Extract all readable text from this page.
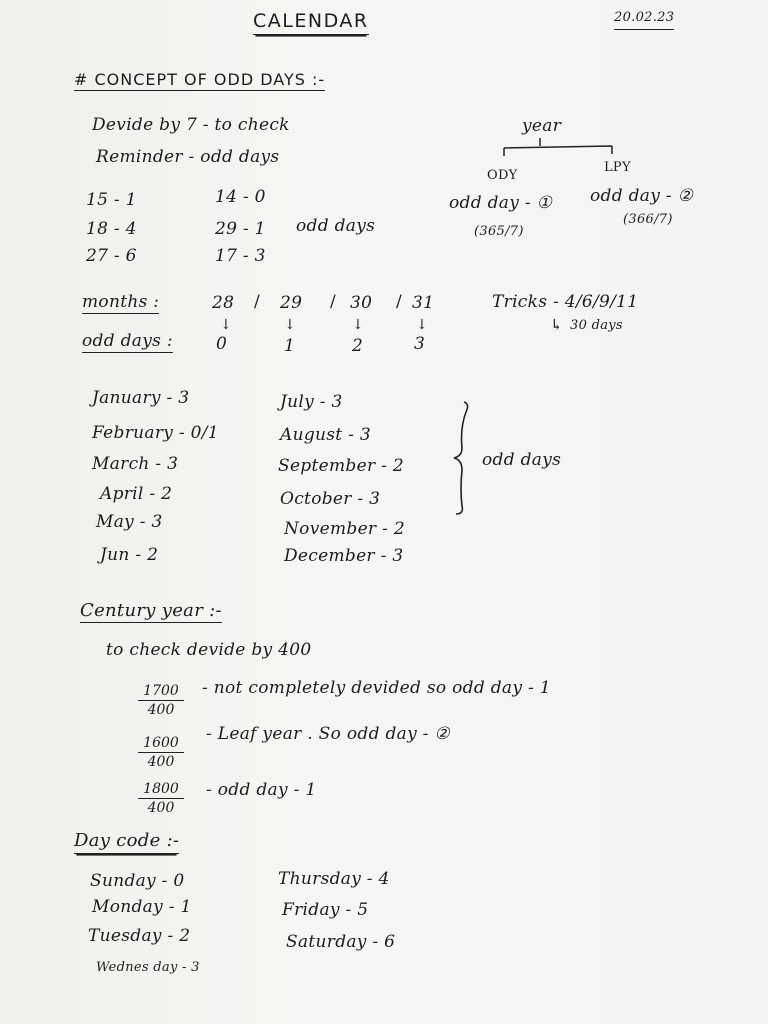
CALENDAR	20.02.23
# CONCEPT OF ODD DAYS :-
Devide by 7 - to check
Reminder - odd days
15 - 1
18 - 4
27 - 6
14 - 0
29 - 1
17 - 3
odd days
year
ODY
LPY
odd day - ① odd day - ②
(365/7)
(366/7)
months :	28 / 29 / 30 / 31
↓	↓	↓	↓
odd days :	0	1	2	3
Tricks - 4/6/9/11
↳ 30 days
January - 3
February - 0/1
March - 3
April - 2
May - 3
Jun - 2
July - 3
August - 3
September - 2
October - 3
November - 2
December - 3
odd days
Century year :-
to check devide by 400
$\frac{1700}{400}$ - not completely devided so odd day - 1
$\frac{1600}{400}$ - Leaf year . So odd day - ②
$\frac{1800}{400}$ - odd day - 1
Day code :-
Sunday - 0
Monday - 1
Tuesday - 2
Wednes day - 3
Thursday - 4
Friday - 5
Saturday - 6
